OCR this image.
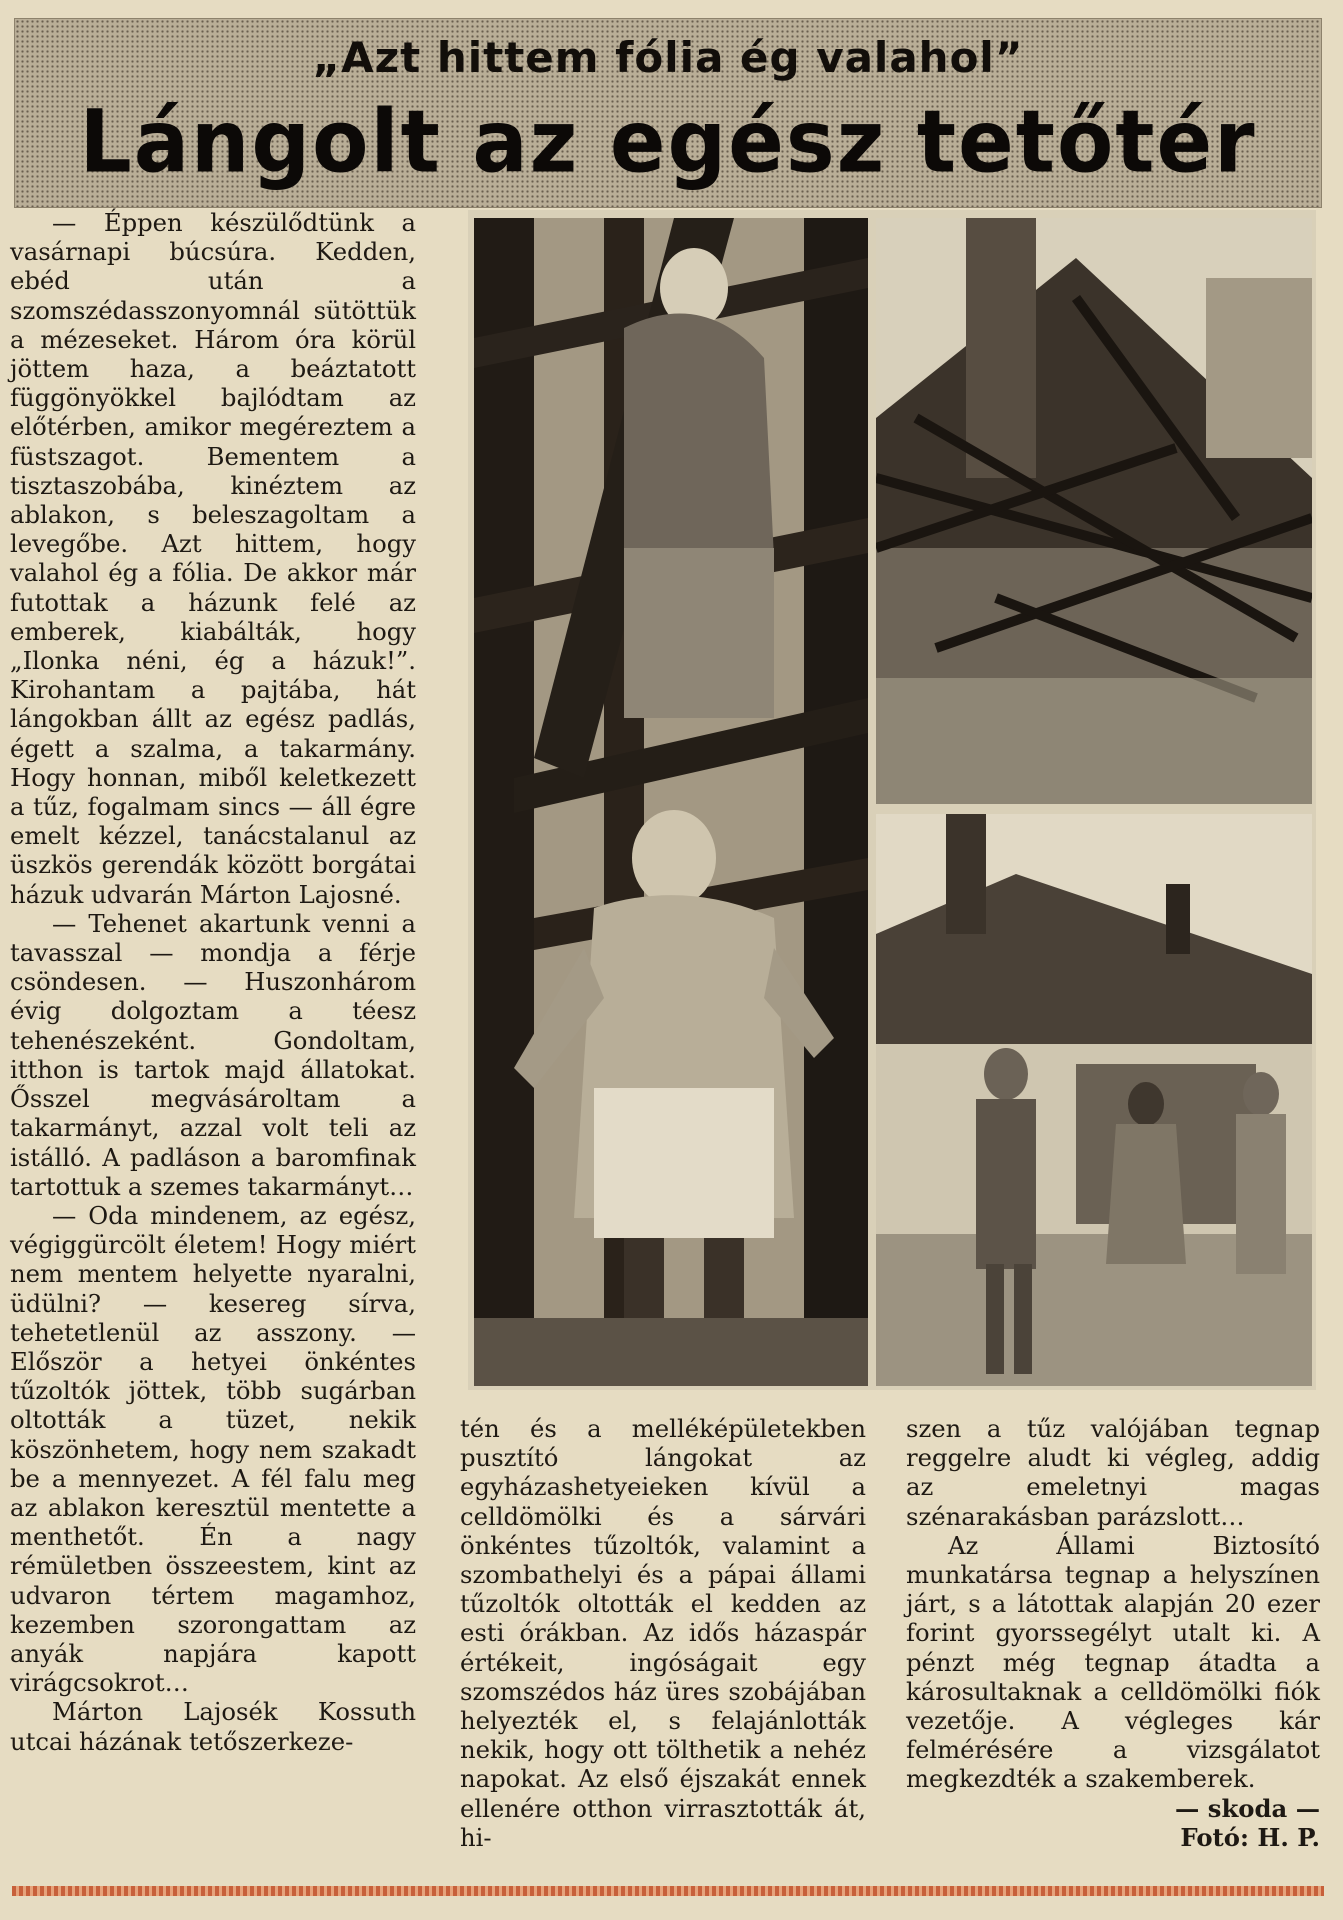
„Azt hittem fólia ég valahol”
Lángolt az egész tetőtér

— Éppen készülődtünk a vasárnapi búcsúra. Kedden, ebéd után a szomszédasszonyomnál sütöttük a mézeseket. Három óra körül jöttem haza, a beáztatott függönyökkel bajlódtam az előtérben, amikor megéreztem a füstszagot. Bementem a tisztaszobába, kinéztem az ablakon, s beleszagoltam a levegőbe. Azt hittem, hogy valahol ég a fólia. De akkor már futottak a házunk felé az emberek, kiabálták, hogy „Ilonka néni, ég a házuk!”. Kirohantam a pajtába, hát lángokban állt az egész padlás, égett a szalma, a takarmány. Hogy honnan, miből keletkezett a tűz, fogalmam sincs — áll égre emelt kézzel, tanácstalanul az üszkös gerendák között borgátai házuk udvarán Márton Lajosné.

— Tehenet akartunk venni a tavasszal — mondja a férje csöndesen. — Huszonhárom évig dolgoztam a téesz tehenészeként. Gondoltam, itthon is tartok majd állatokat. Ősszel megvásároltam a takarmányt, azzal volt teli az istálló. A padláson a baromfinak tartottuk a szemes takarmányt…

— Oda mindenem, az egész, végiggürcölt életem! Hogy miért nem mentem helyette nyaralni, üdülni? — kesereg sírva, tehetetlenül az asszony. — Először a hetyei önkéntes tűzoltók jöttek, több sugárban oltották a tüzet, nekik köszönhetem, hogy nem szakadt be a mennyezet. A fél falu meg az ablakon keresztül mentette a menthetőt. Én a nagy rémületben összeestem, kint az udvaron tértem magamhoz, kezemben szorongattam az anyák napjára kapott virágcsokrot…

Márton Lajosék Kossuth utcai házának tetőszerkeze-

tén és a melléképületekben pusztító lángokat az egyházashetyeieken kívül a celldömölki és a sárvári önkéntes tűzoltók, valamint a szombathelyi és a pápai állami tűzoltók oltották el kedden az esti órákban. Az idős házaspár értékeit, ingóságait egy szomszédos ház üres szobájában helyezték el, s felajánlották nekik, hogy ott tölthetik a nehéz napokat. Az első éjszakát ennek ellenére otthon virrasztották át, hi-

szen a tűz valójában tegnap reggelre aludt ki végleg, addig az emeletnyi magas szénarakásban parázslott…

Az Állami Biztosító munkatársa tegnap a helyszínen járt, s a látottak alapján 20 ezer forint gyorssegélyt utalt ki. A pénzt még tegnap átadta a károsultaknak a celldömölki fiók vezetője. A végleges kár felmérésére a vizsgálatot megkezdték a szakemberek.

— skoda —

Fotó: H. P.
